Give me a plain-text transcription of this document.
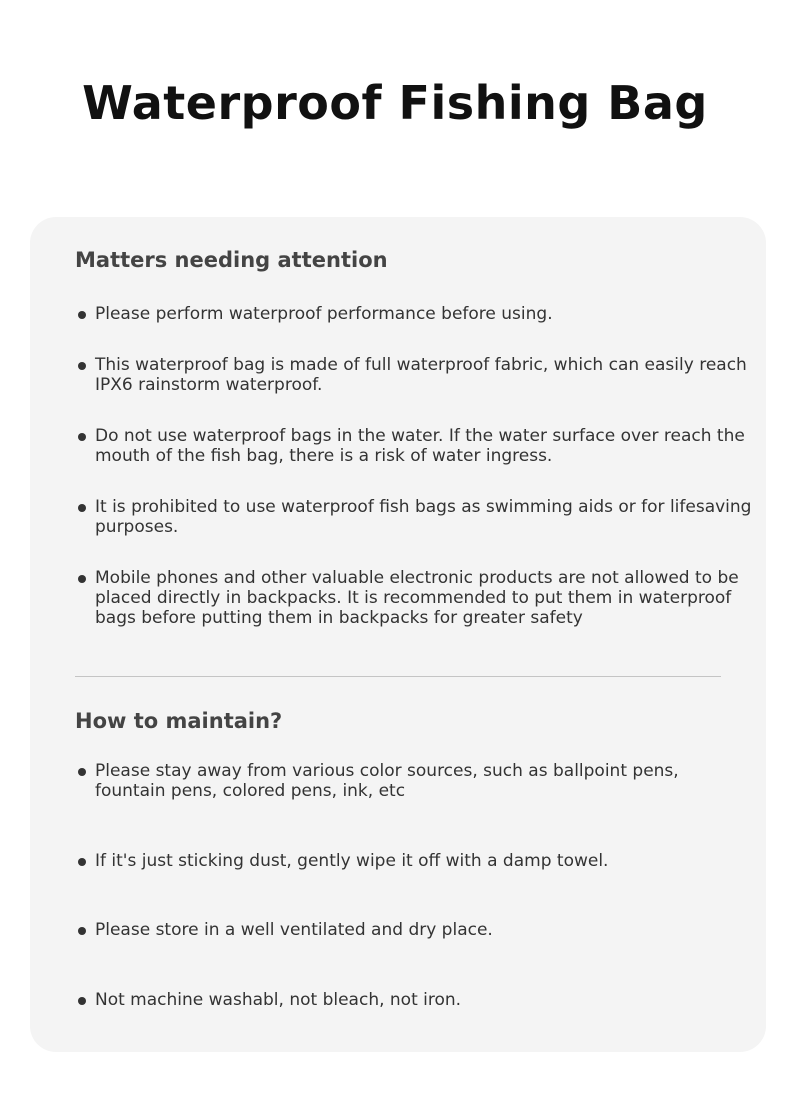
Waterproof Fishing Bag
Matters needing attention
Please perform waterproof performance before using.
This waterproof bag is made of full waterproof fabric, which can easily reach IPX6 rainstorm waterproof.
Do not use waterproof bags in the water. If the water surface over reach the mouth of the fish bag, there is a risk of water ingress.
It is prohibited to use waterproof fish bags as swimming aids or for lifesaving purposes.
Mobile phones and other valuable electronic products are not allowed to be placed directly in backpacks. It is recommended to put them in waterproof bags before putting them in backpacks for greater safety
How to maintain?
Please stay away from various color sources, such as ballpoint pens, fountain pens, colored pens, ink, etc
If it's just sticking dust, gently wipe it off with a damp towel.
Please store in a well ventilated and dry place.
Not machine washabl, not bleach, not iron.
